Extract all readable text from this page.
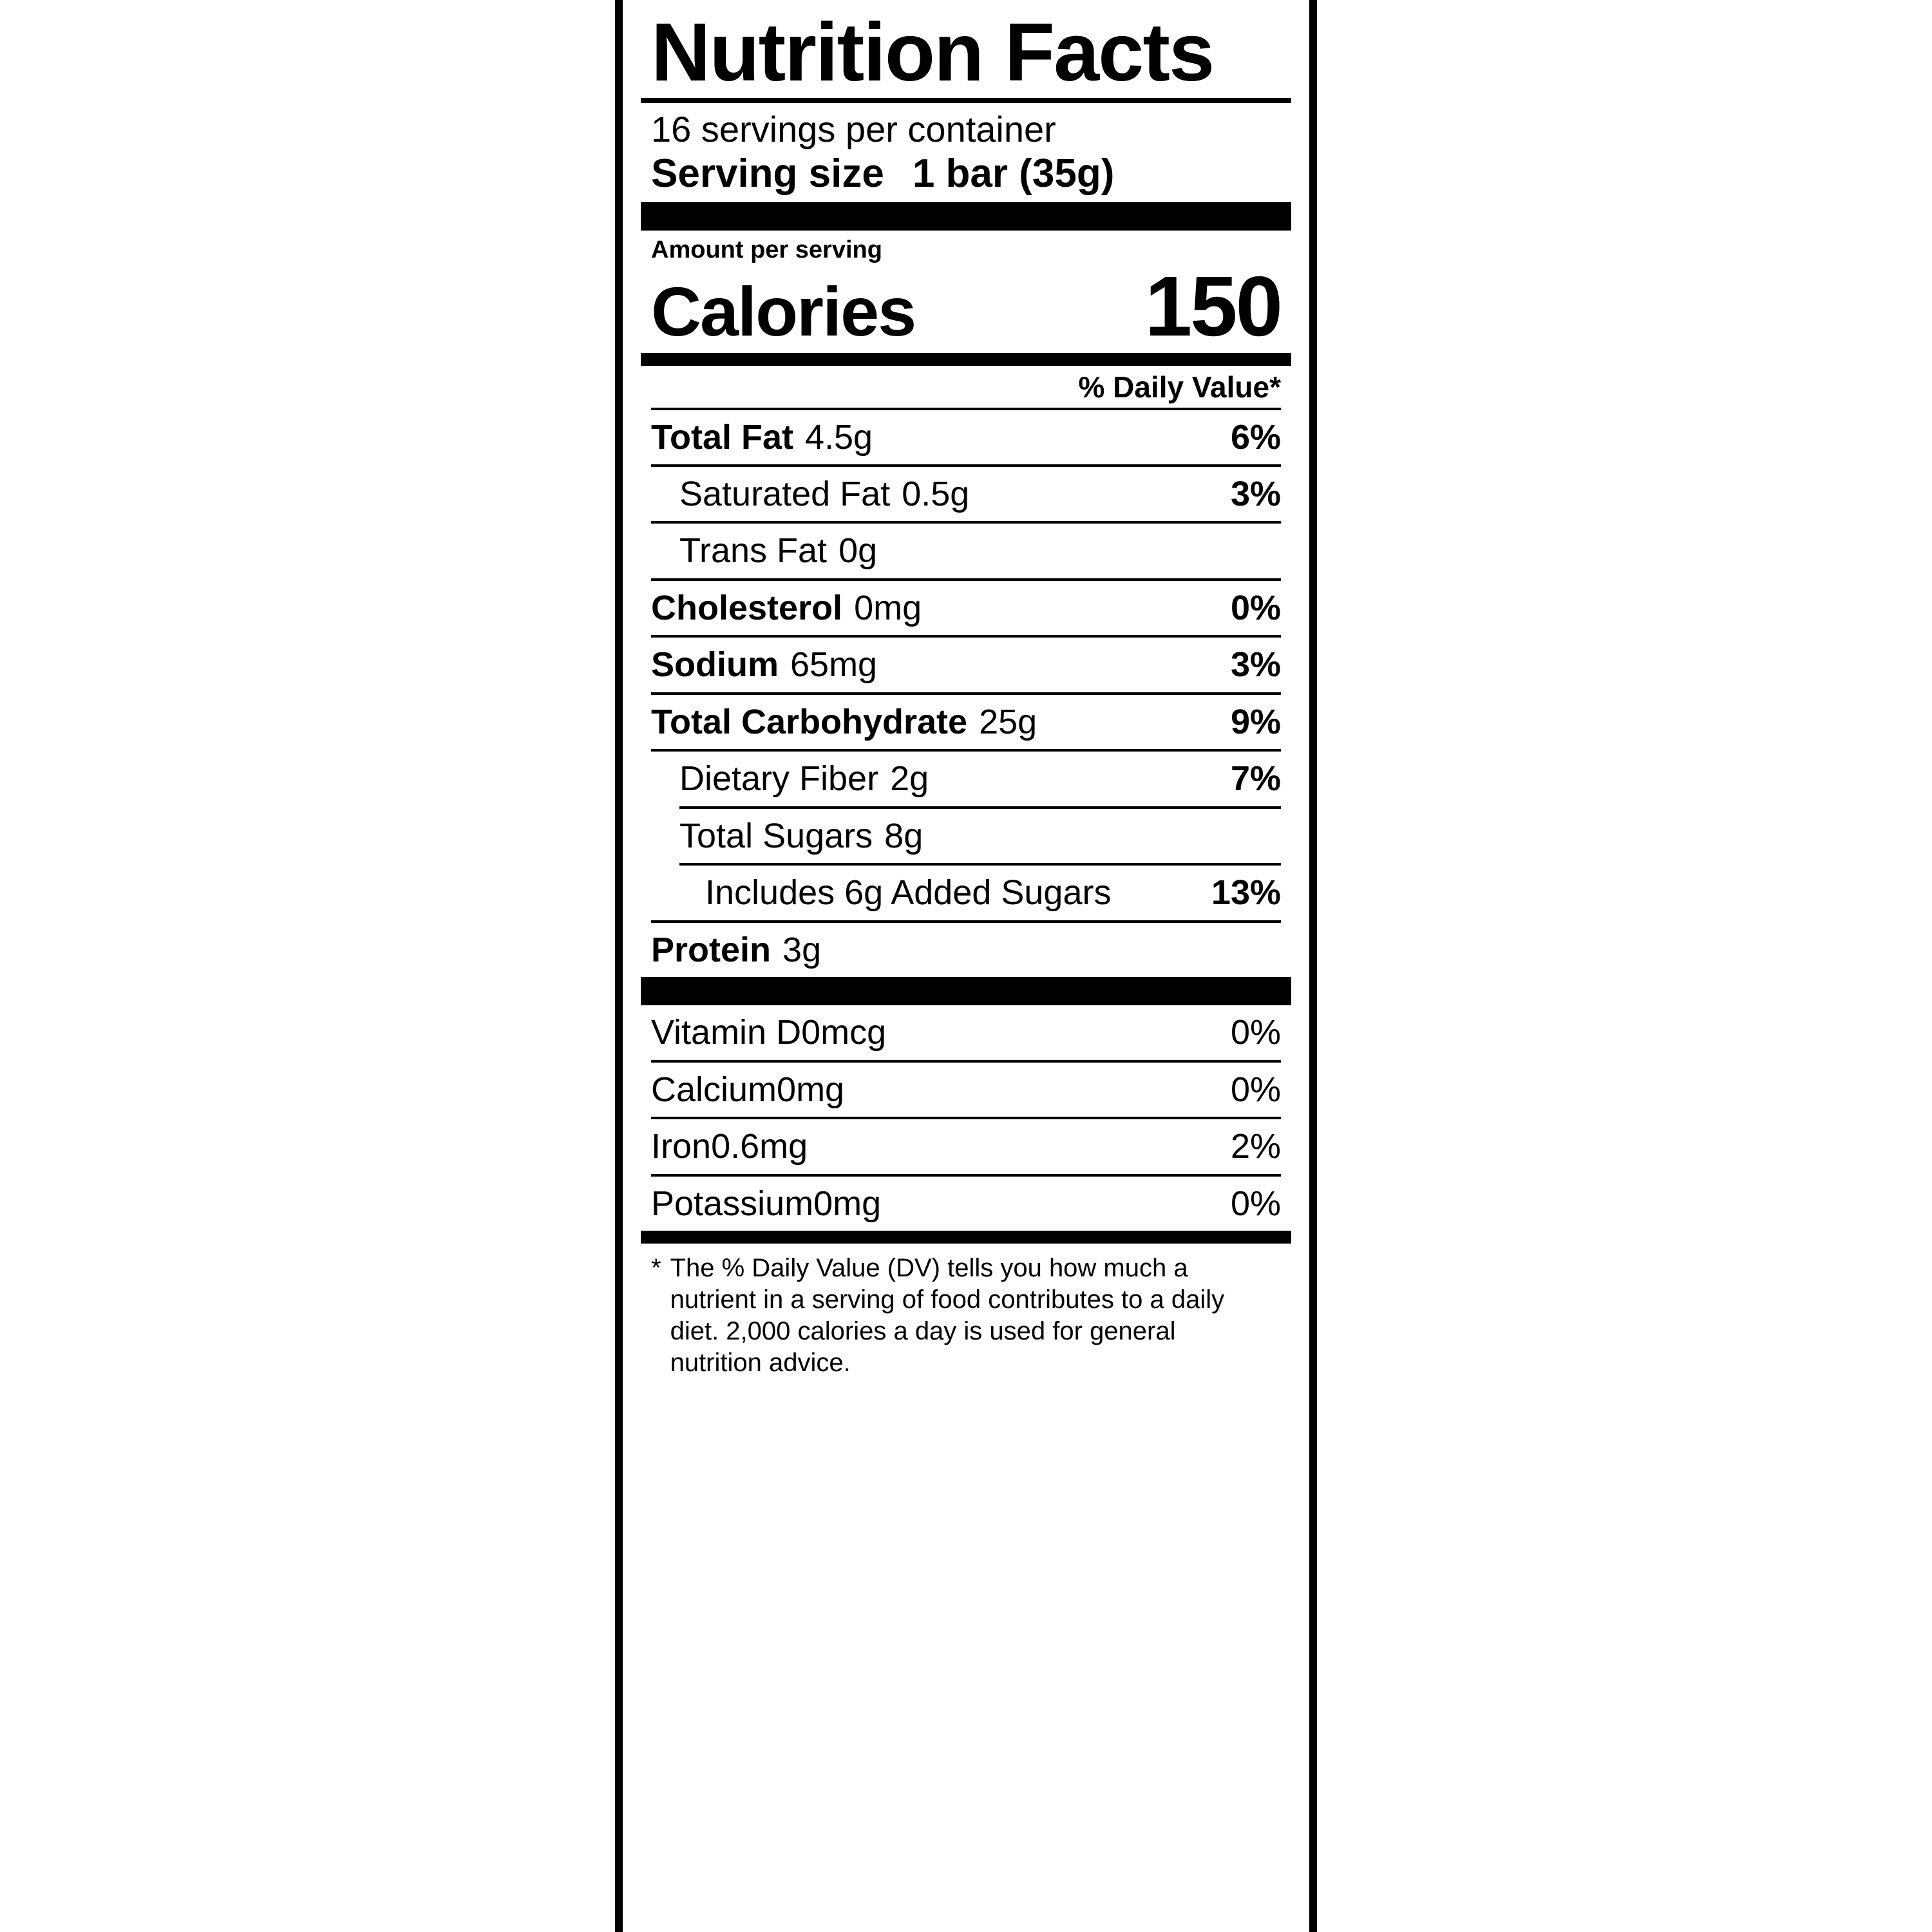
Nutrition Facts
16 servings per container
Serving size 1 bar (35g)
Amount per serving
Calories	150
% Daily Value*
Total Fat 4.5g	6%
Saturated Fat 0.5g	3%
Trans Fat 0g
Cholesterol 0mg	0%
Sodium 65mg	3%
Total Carbohydrate 25g	9%
Dietary Fiber 2g	7%
Total Sugars 8g
Includes 6g Added Sugars	13%
Protein 3g
Vitamin D0mcg	0%
Calcium0mg	0%
Iron0.6mg	2%
Potassium0mg	0%
* The % Daily Value (DV) tells you how much a nutrient in a serving of food contributes to a daily diet. 2,000 calories a day is used for general nutrition advice.
